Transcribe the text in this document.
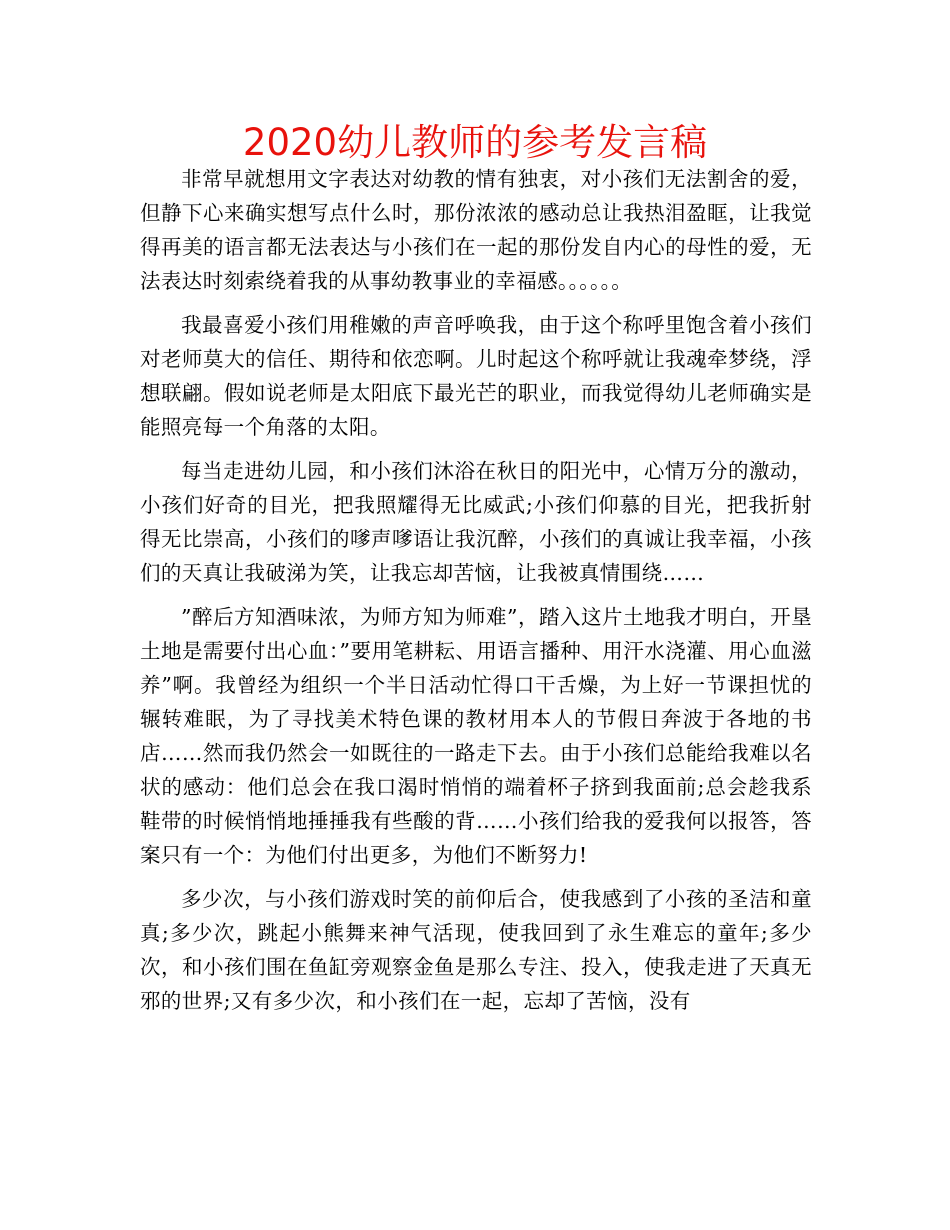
2020幼儿教师的参考发言稿

非常早就想用文字表达对幼教的情有独衷，对小孩们无法割舍的爱，但静下心来确实想写点什么时，那份浓浓的感动总让我热泪盈眶，让我觉得再美的语言都无法表达与小孩们在一起的那份发自内心的母性的爱，无法表达时刻索绕着我的从事幼教事业的幸福感。。。。。。

我最喜爱小孩们用稚嫩的声音呼唤我，由于这个称呼里饱含着小孩们对老师莫大的信任、期待和依恋啊。儿时起这个称呼就让我魂牵梦绕，浮想联翩。假如说老师是太阳底下最光芒的职业，而我觉得幼儿老师确实是能照亮每一个角落的太阳。

每当走进幼儿园，和小孩们沐浴在秋日的阳光中，心情万分的激动，小孩们好奇的目光，把我照耀得无比威武;小孩们仰慕的目光，把我折射得无比崇高，小孩们的嗲声嗲语让我沉醉，小孩们的真诚让我幸福，小孩们的天真让我破涕为笑，让我忘却苦恼，让我被真情围绕……

”醉后方知酒味浓，为师方知为师难”，踏入这片土地我才明白，开垦土地是需要付出心血：”要用笔耕耘、用语言播种、用汗水浇灌、用心血滋养”啊。我曾经为组织一个半日活动忙得口干舌燥，为上好一节课担忧的辗转难眠，为了寻找美术特色课的教材用本人的节假日奔波于各地的书店……然而我仍然会一如既往的一路走下去。由于小孩们总能给我难以名状的感动：他们总会在我口渴时悄悄的端着杯子挤到我面前;总会趁我系鞋带的时候悄悄地捶捶我有些酸的背……小孩们给我的爱我何以报答，答案只有一个：为他们付出更多，为他们不断努力!

多少次，与小孩们游戏时笑的前仰后合，使我感到了小孩的圣洁和童真;多少次，跳起小熊舞来神气活现，使我回到了永生难忘的童年;多少次，和小孩们围在鱼缸旁观察金鱼是那么专注、投入，使我走进了天真无邪的世界;又有多少次，和小孩们在一起，忘却了苦恼，没有
